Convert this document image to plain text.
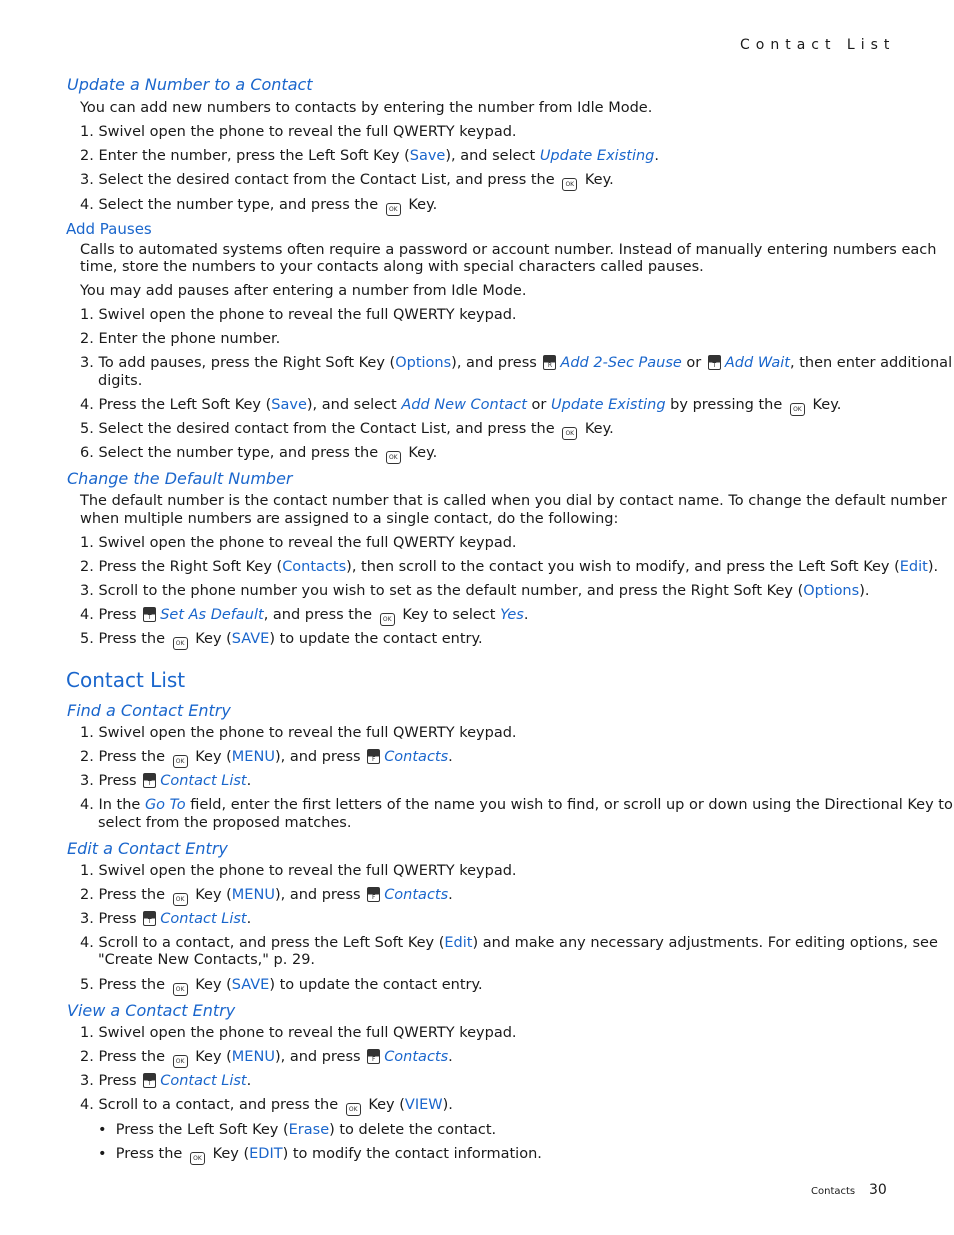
Contact List
Update a Number to a Contact
You can add new numbers to contacts by entering the number from Idle Mode.
1. Swivel open the phone to reveal the full QWERTY keypad.
2. Enter the number, press the Left Soft Key (Save), and select Update Existing.
3. Select the desired contact from the Contact List, and press the OK Key.
4. Select the number type, and press the OK Key.
Add Pauses
Calls to automated systems often require a password or account number. Instead of manually entering numbers each
time, store the numbers to your contacts along with special characters called pauses.
You may add pauses after entering a number from Idle Mode.
1. Swivel open the phone to reveal the full QWERTY keypad.
2. Enter the phone number.
3. To add pauses, press the Right Soft Key (Options), and press	R Add 2-Sec Pause or	T Add Wait, then enter additional
digits.
4. Press the Left Soft Key (Save), and select Add New Contact or Update Existing by pressing the OK Key.
5. Select the desired contact from the Contact List, and press the OK Key.
6. Select the number type, and press the OK Key.
Change the Default Number
The default number is the contact number that is called when you dial by contact name. To change the default number
when multiple numbers are assigned to a single contact, do the following:
1. Swivel open the phone to reveal the full QWERTY keypad.
2. Press the Right Soft Key (Contacts), then scroll to the contact you wish to modify, and press the Left Soft Key (Edit).
3. Scroll to the phone number you wish to set as the default number, and press the Right Soft Key (Options).
4. Press	T Set As Default, and press the OK Key to select Yes.
5. Press the OK Key (SAVE) to update the contact entry.
Contact List
Find a Contact Entry
1. Swivel open the phone to reveal the full QWERTY keypad.
2. Press the OK Key (MENU), and press	F Contacts.
3. Press	T Contact List.
4. In the Go To field, enter the first letters of the name you wish to find, or scroll up or down using the Directional Key to
select from the proposed matches.
Edit a Contact Entry
1. Swivel open the phone to reveal the full QWERTY keypad.
2. Press the OK Key (MENU), and press	F Contacts.
3. Press	T Contact List.
4. Scroll to a contact, and press the Left Soft Key (Edit) and make any necessary adjustments. For editing options, see
"Create New Contacts," p. 29.
5. Press the OK Key (SAVE) to update the contact entry.
View a Contact Entry
1. Swivel open the phone to reveal the full QWERTY keypad.
2. Press the OK Key (MENU), and press	F Contacts.
3. Press	T Contact List.
4. Scroll to a contact, and press the OK Key (VIEW).
• Press the Left Soft Key (Erase) to delete the contact.
• Press the OK Key (EDIT) to modify the contact information.
Contacts 30
